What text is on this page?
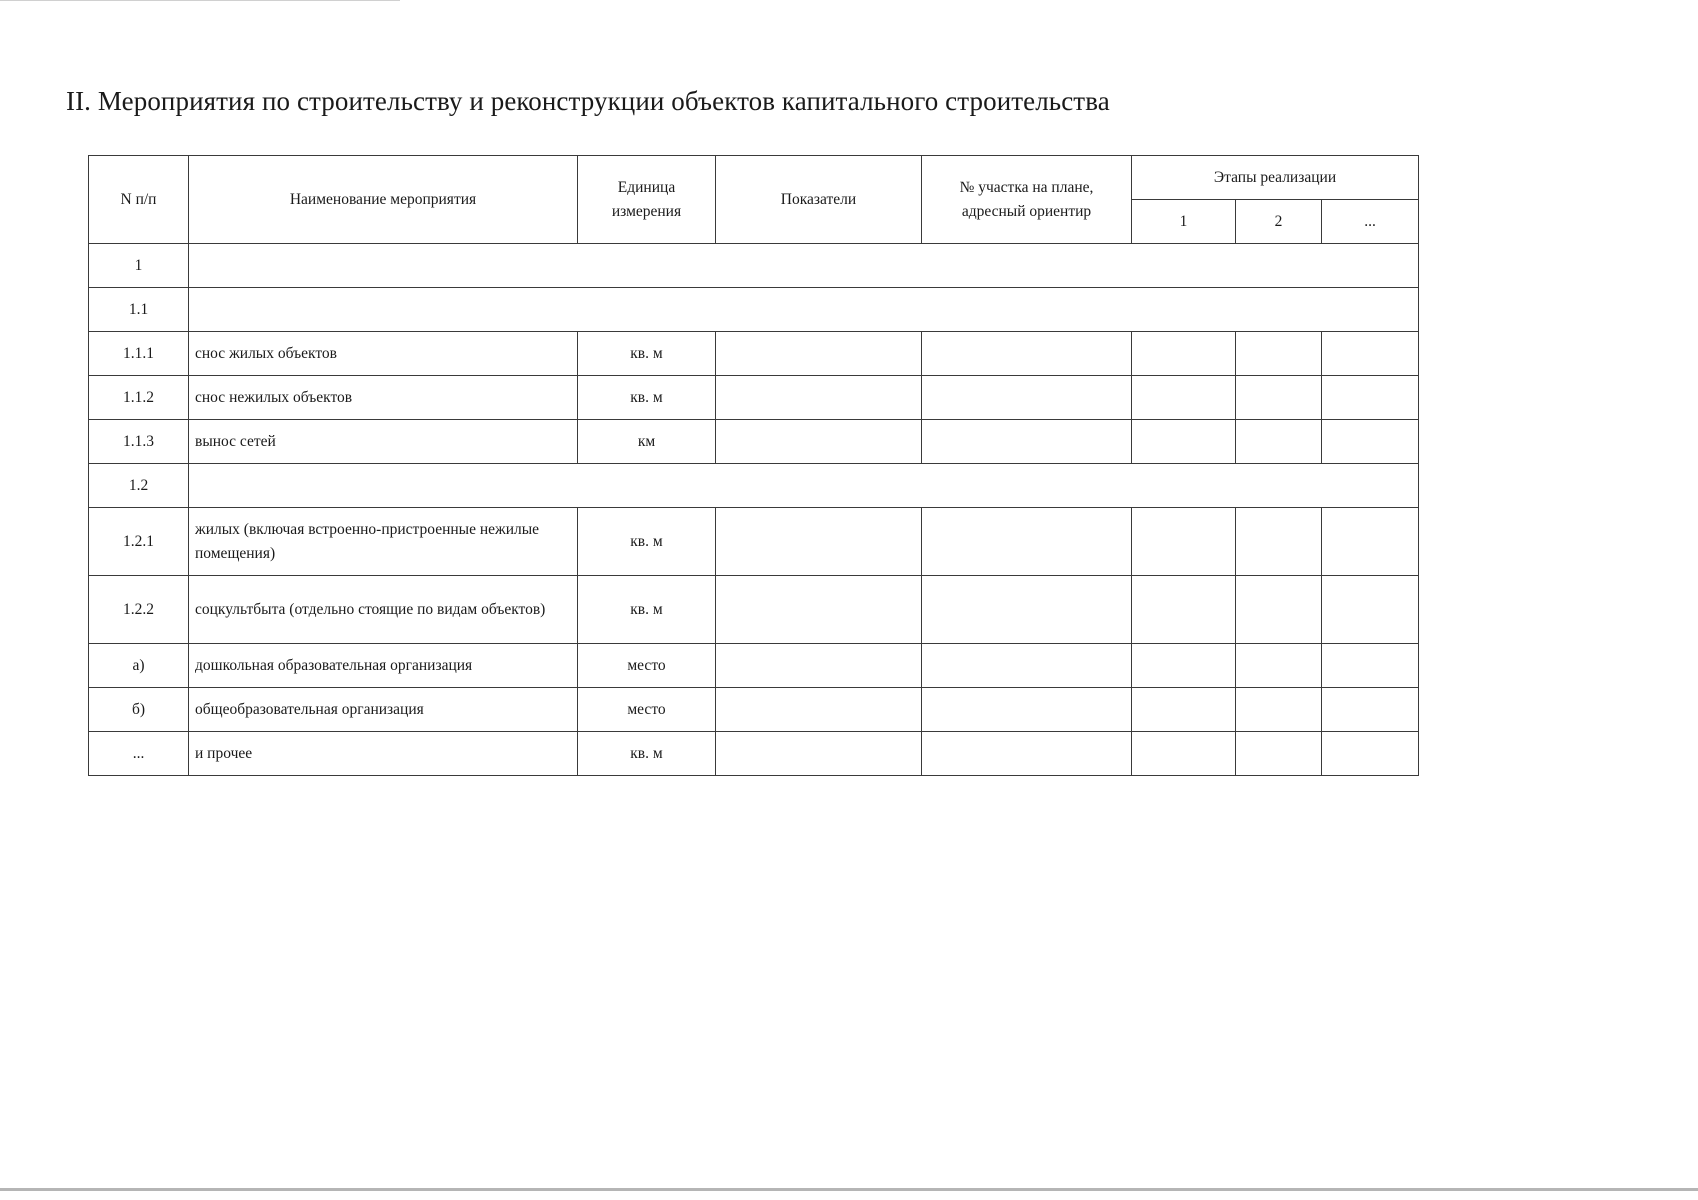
II. Мероприятия по строительству и реконструкции объектов капитального строительства
N п/п	Наименование мероприятия	Единица измерения	Показатели	№ участка на плане, адресный ориентир	Этапы реализации		
					1	2	...
1							
1.1							
1.1.1	снос жилых объектов	кв. м					
1.1.2	снос нежилых объектов	кв. м					
1.1.3	вынос сетей	км					
1.2							
1.2.1	жилых (включая встроенно-пристроенные нежилые помещения)	кв. м					
1.2.2	соцкультбыта (отдельно стоящие по видам объектов)	кв. м					
а)	дошкольная образовательная организация	место					
б)	общеобразовательная организация	место					
...	и прочее	кв. м					
